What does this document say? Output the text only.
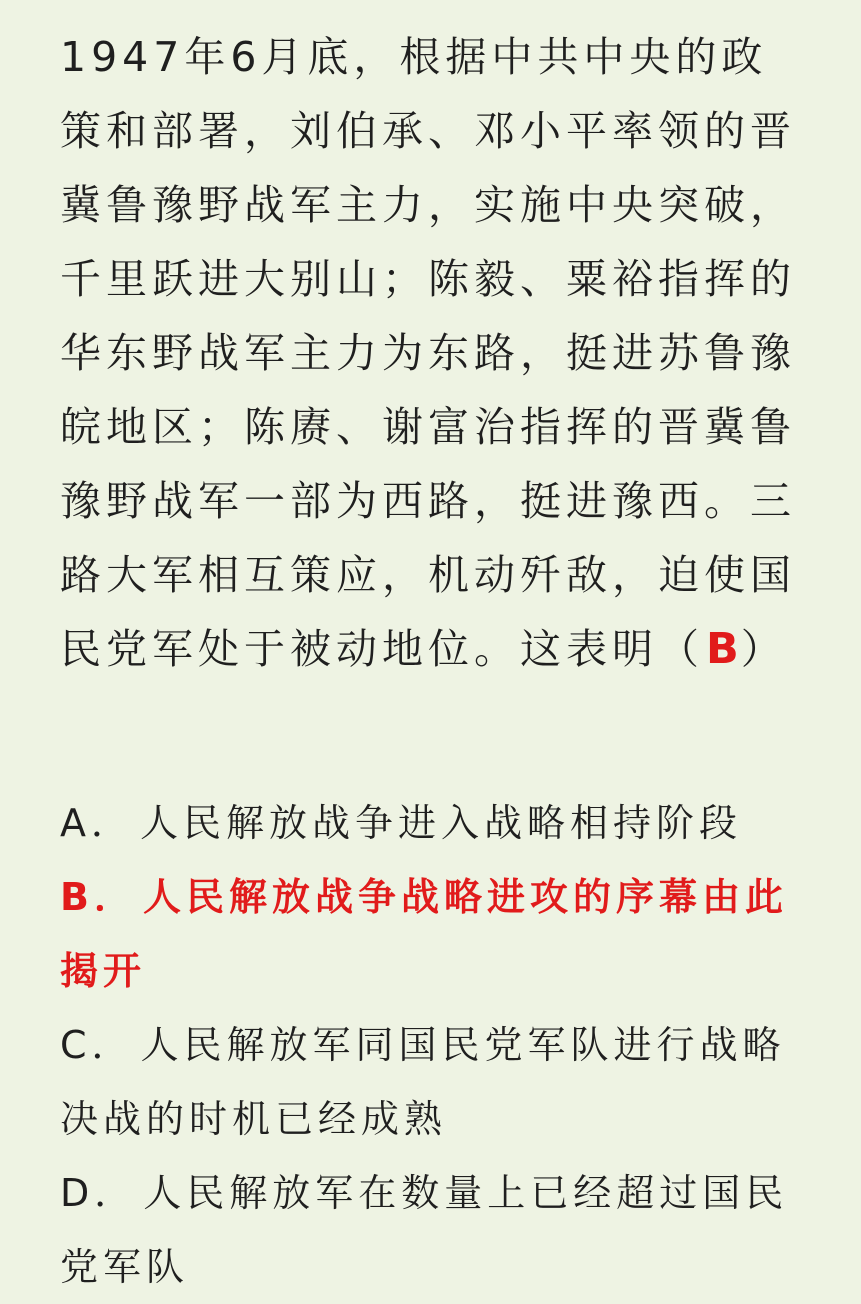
1947年6月底，根据中共中央的政策和部署，刘伯承、邓小平率领的晋冀鲁豫野战军主力，实施中央突破，千里跃进大别山；陈毅、粟裕指挥的华东野战军主力为东路，挺进苏鲁豫皖地区；陈赓、谢富治指挥的晋冀鲁豫野战军一部为西路，挺进豫西。三路大军相互策应，机动歼敌，迫使国民党军处于被动地位。这表明（B）

A． 人民解放战争进入战略相持阶段

B． 人民解放战争战略进攻的序幕由此揭开

C． 人民解放军同国民党军队进行战略决战的时机已经成熟

D． 人民解放军在数量上已经超过国民党军队
